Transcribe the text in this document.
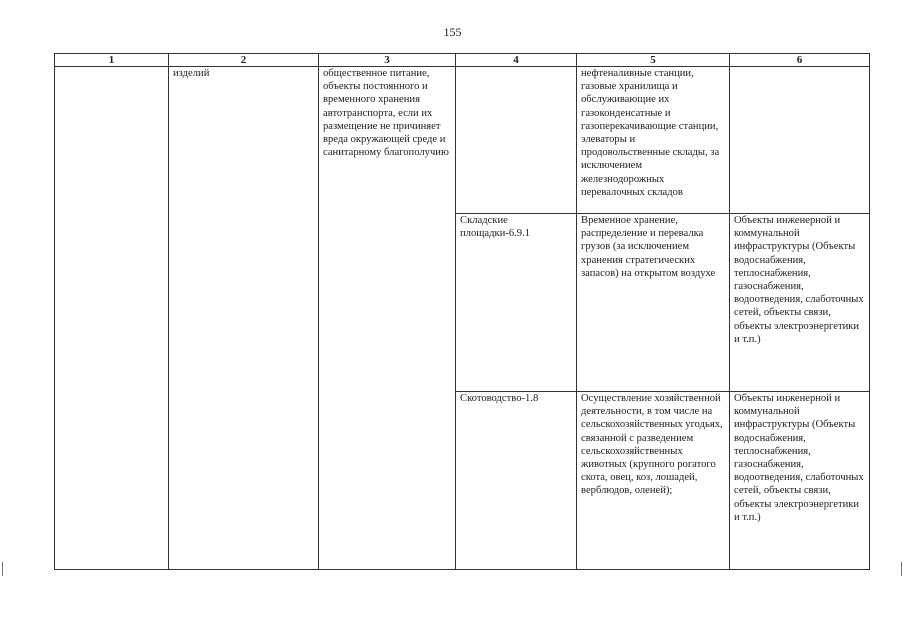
155
1	2	3	4	5	6
	изделий	общественное питание, объекты постоянного и временного хранения автотранспорта, если их размещение не причиняет вреда окружающей среде и санитарному благополучию		нефтеналивные станции, газовые хранилища и обслуживающие их газоконденсатные и газоперекачивающие станции, элеваторы и продовольственные склады, за исключением железнодорожных перевалочных складов	
			Складские площадки-6.9.1	Временное хранение, распределение и перевалка грузов (за исключением хранения стратегических запасов) на открытом воздухе	Объекты инженерной и коммунальной инфраструктуры (Объекты водоснабжения, теплоснабжения, газоснабжения, водоотведения, слаботочных сетей, объекты связи, объекты электроэнергетики и т.п.)
			Скотоводство-1.8	Осуществление хозяйственной деятельности, в том числе на сельскохозяйственных угодьях, связанной с разведением сельскохозяйственных животных (крупного рогатого скота, овец, коз, лошадей, верблюдов, оленей);	Объекты инженерной и коммунальной инфраструктуры (Объекты водоснабжения, теплоснабжения, газоснабжения, водоотведения, слаботочных сетей, объекты связи, объекты электроэнергетики и т.п.)
